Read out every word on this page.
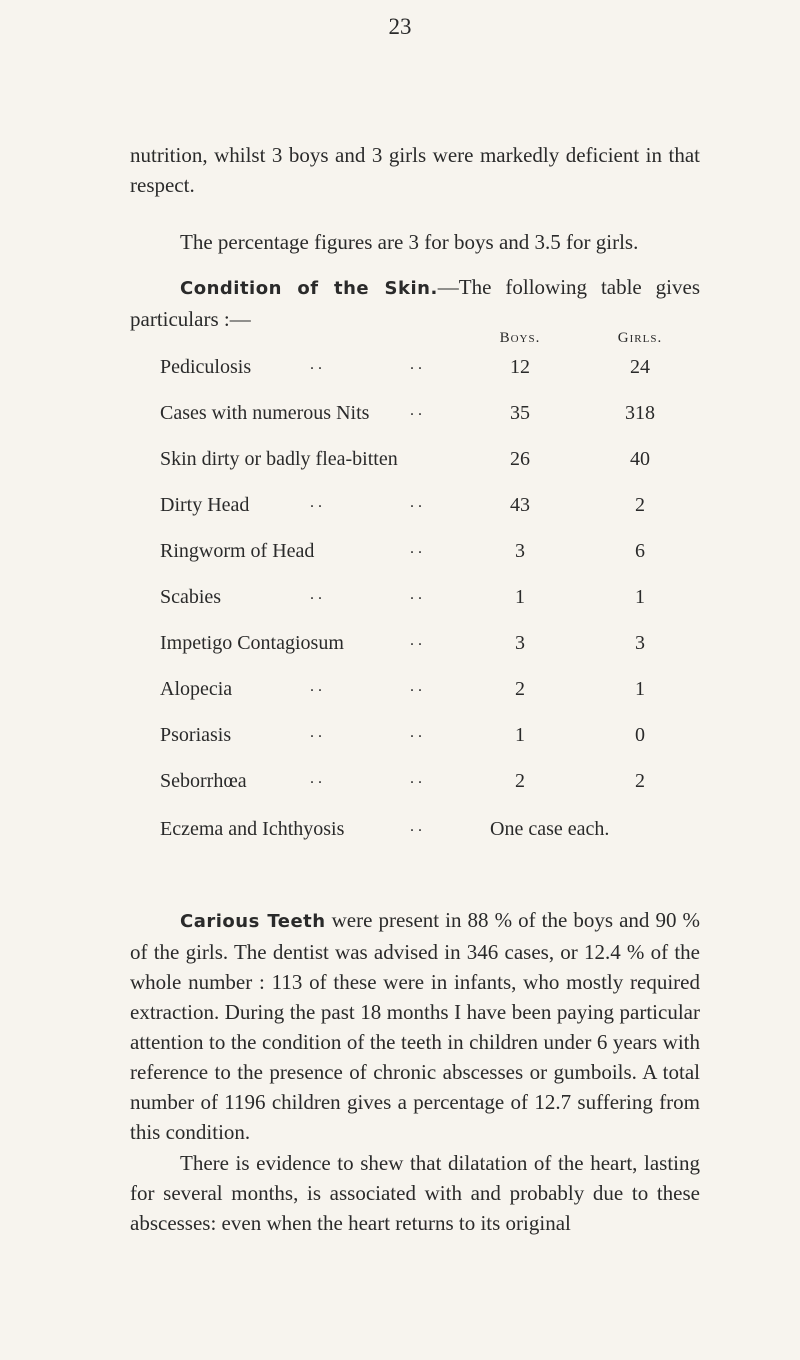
23

nutrition, whilst 3 boys and 3 girls were markedly deficient in that respect.

The percentage figures are 3 for boys and 3.5 for girls.

Condition of the Skin.—The following table gives particulars :—

Boys.	Girls.
Pediculosis	. .	. .	12	24
Cases with numerous Nits	. .	35	318
Skin dirty or badly flea-bitten	26	40
Dirty Head	. .	. .	43	2
Ringworm of Head	. .	3	6
Scabies	. .	. .	1	1
Impetigo Contagiosum	. .	3	3
Alopecia	. .	. .	2	1
Psoriasis	. .	. .	1	0
Seborrhœa	. .	. .	2	2
Eczema and Ichthyosis	. .	One case each.

Carious Teeth were present in 88 % of the boys and 90 % of the girls. The dentist was advised in 346 cases, or 12.4 % of the whole number : 113 of these were in infants, who mostly required extraction. During the past 18 months I have been paying particular attention to the condition of the teeth in children under 6 years with reference to the presence of chronic abscesses or gumboils. A total number of 1196 children gives a percentage of 12.7 suffering from this condition.

There is evidence to shew that dilatation of the heart, lasting for several months, is associated with and probably due to these abscesses: even when the heart returns to its original
